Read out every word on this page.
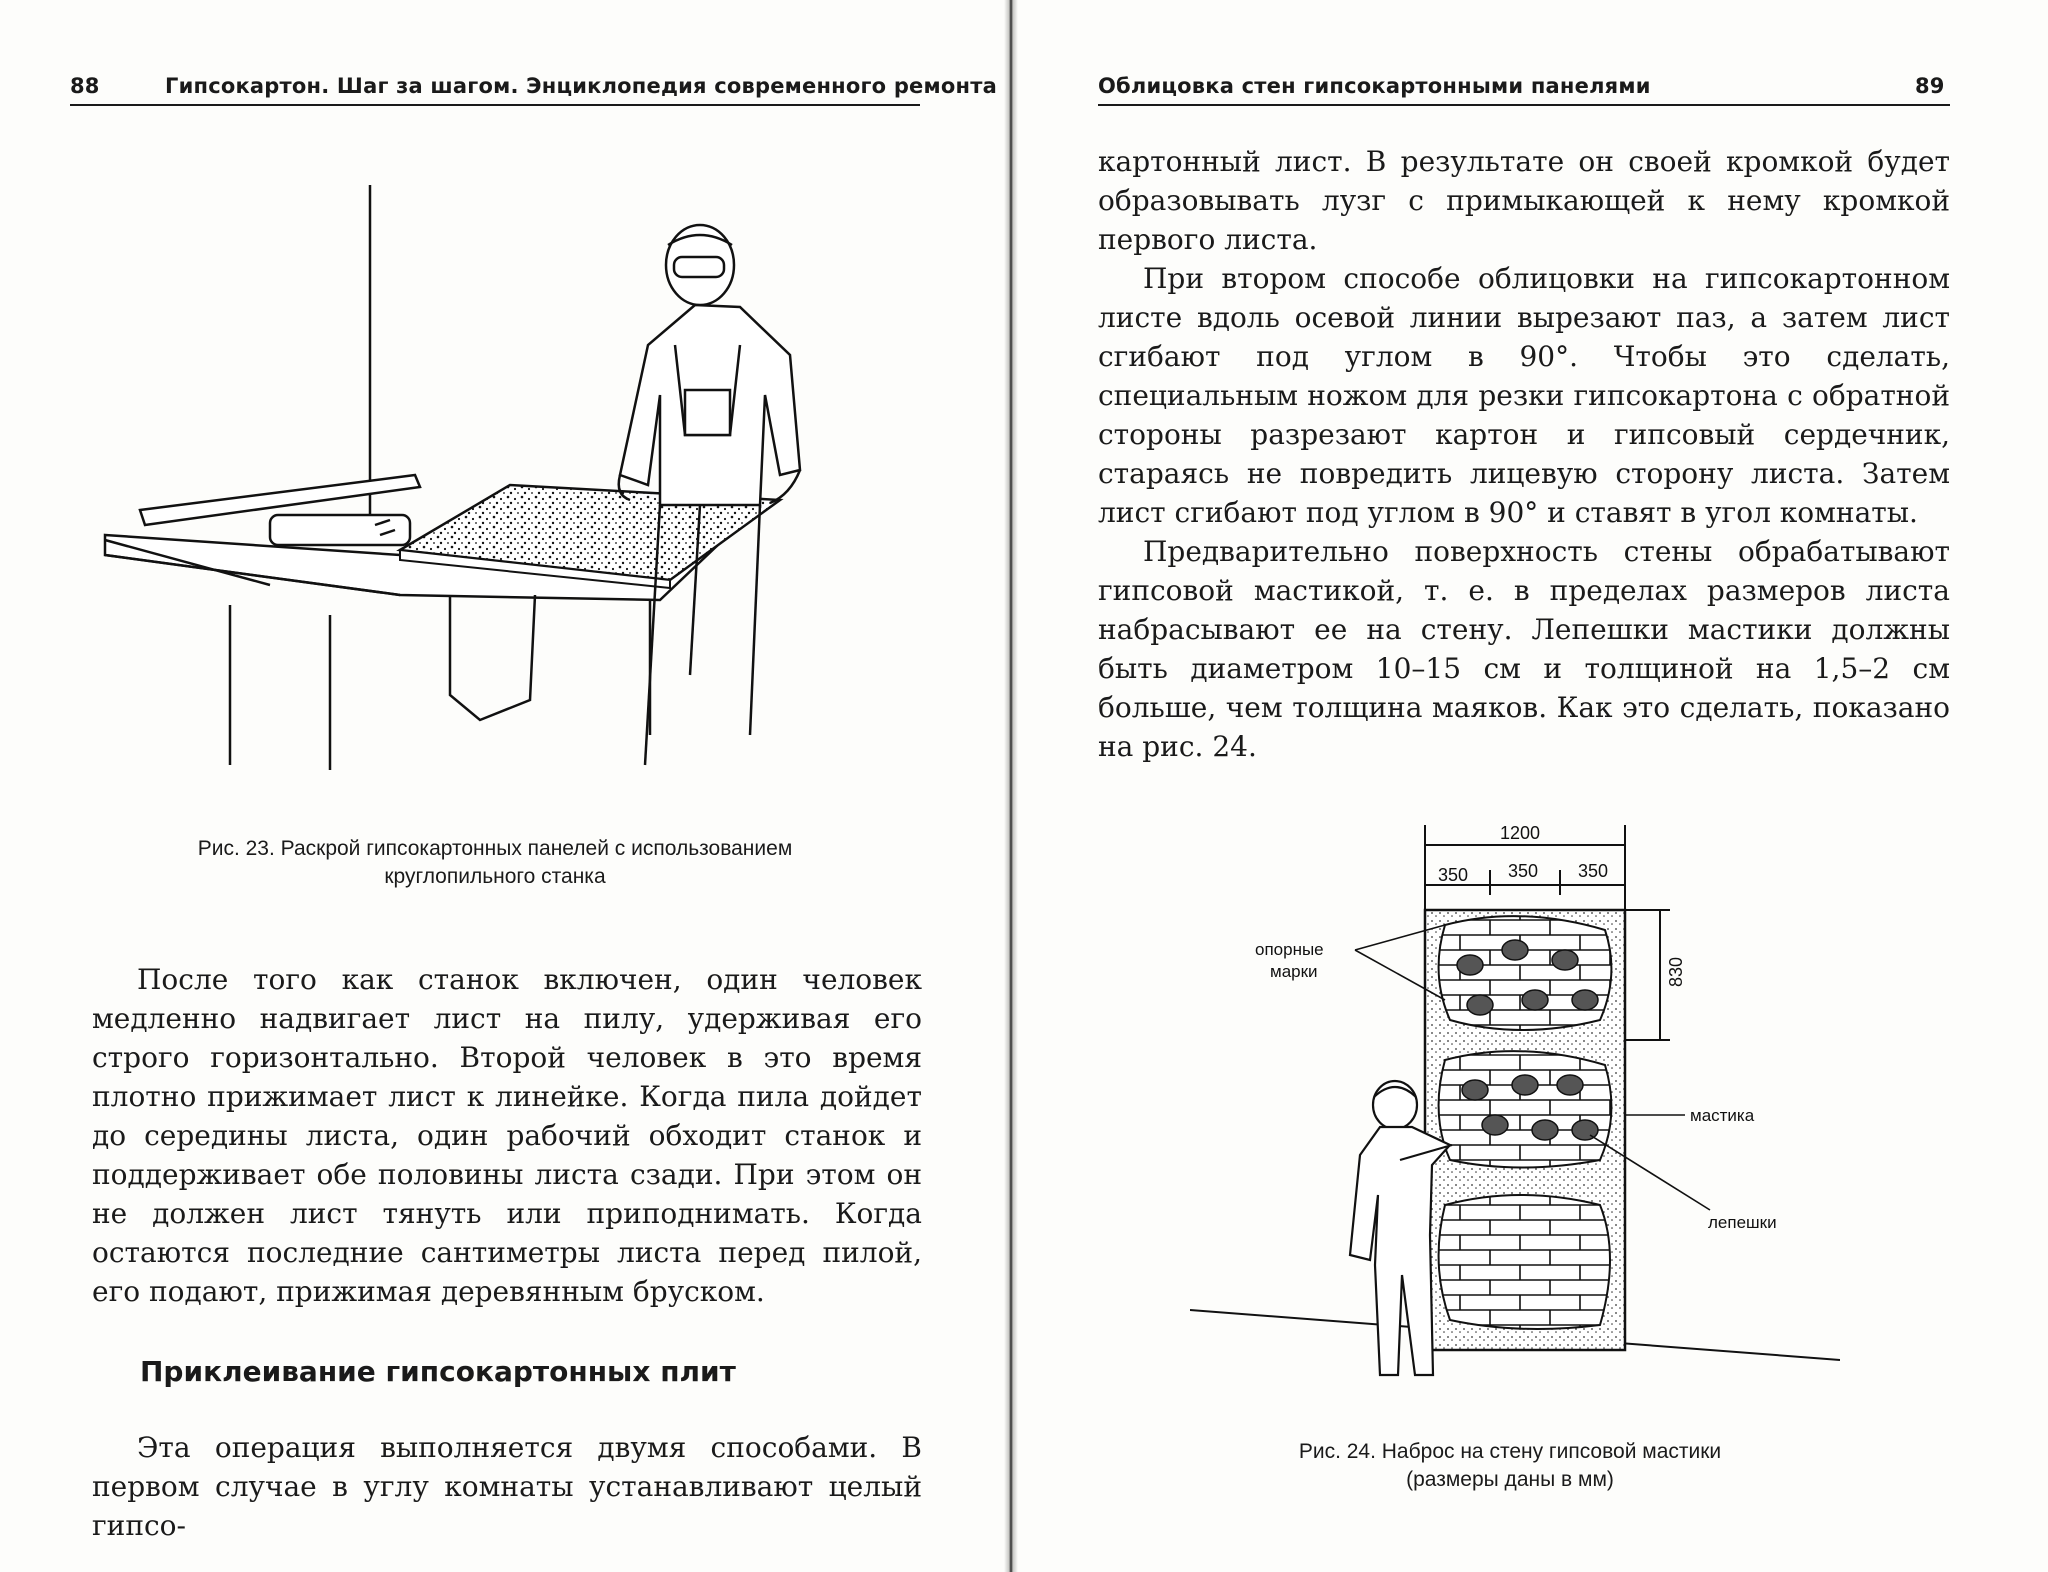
88	Гипсокартон. Шаг за шагом. Энциклопедия современного ремонта
Рис. 23. Раскрой гипсокартонных панелей с использованием
круглопильного станка

После того как станок включен, один человек медленно надвигает лист на пилу, удерживая его строго горизонтально. Второй человек в это время плотно прижимает лист к линейке. Когда пила дойдет до середины листа, один рабочий обходит станок и поддерживает обе половины листа сзади. При этом он не должен лист тянуть или приподнимать. Когда остаются последние сантиметры листа перед пилой, его подают, прижимая деревянным бруском.

Приклеивание гипсокартонных плит

Эта операция выполняется двумя способами. В первом случае в углу комнаты устанавливают целый гипсо-

Облицовка стен гипсокартонными панелями	89

картонный лист. В результате он своей кромкой будет образовывать лузг с примыкающей к нему кромкой первого листа.

При втором способе облицовки на гипсокартонном листе вдоль осевой линии вырезают паз, а затем лист сгибают под углом в 90°. Чтобы это сделать, специальным ножом для резки гипсокартона с обратной стороны разрезают картон и гипсовый сердечник, стараясь не повредить лицевую сторону листа. Затем лист сгибают под углом в 90° и ставят в угол комнаты.

Предварительно поверхность стены обрабатывают гипсовой мастикой, т. е. в пределах размеров листа набрасывают ее на стену. Лепешки мастики должны быть диаметром 10–15 см и толщиной на 1,5–2 см больше, чем толщина маяков. Как это сделать, показано на рис. 24.

1200
350 350 350
830
опорные
марки
мастика
лепешки
Рис. 24. Наброс на стену гипсовой мастики
(размеры даны в мм)
